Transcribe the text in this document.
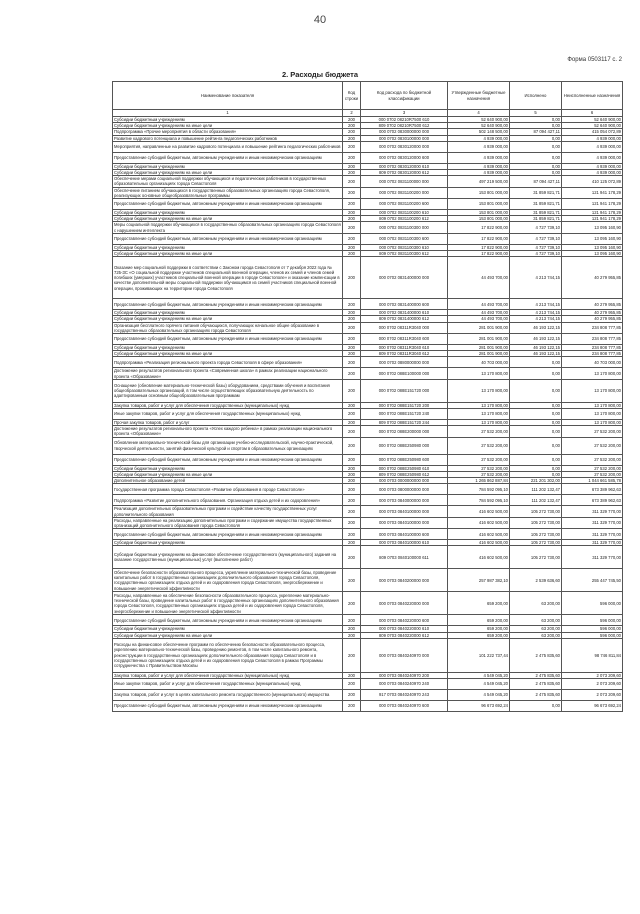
40
Форма 0503117 с. 2
2. Расходы бюджета
Наименование показателя	Код строки	Код расхода по бюджетной классификации	Утвержденные бюджетные назначения	Исполнено	Неисполненные назначения
1	2	3	4	5	6
Субсидии бюджетным учреждениям	200	000 0702 08210R7500 610	52 640 900,00	0,00	52 640 900,00
Субсидии бюджетным учреждениям на иные цели	200	809 0702 08210R7500 612	52 640 900,00	0,00	52 640 900,00
Подпрограмма «Прочие мероприятия в области образования»	200	000 0702 0830000000 000	502 148 500,00	87 094 427,11	415 054 072,89
Развитие кадрового потенциала и повышение рейтинга педагогических работников	200	000 0702 0830100000 000	4 939 000,00	0,00	4 939 000,00
Мероприятия, направленные на развитие кадрового потенциала и повышение рейтинга педагогических работников	200	000 0702 0830120000 000	4 939 000,00	0,00	4 939 000,00
Предоставление субсидий бюджетным, автономным учреждениям и иным некоммерческим организациям	200	000 0702 0830120000 600	4 939 000,00	0,00	4 939 000,00
Субсидии бюджетным учреждениям	200	000 0702 0830120000 610	4 939 000,00	0,00	4 939 000,00
Субсидии бюджетным учреждениям на иные цели	200	809 0702 0830120000 612	4 939 000,00	0,00	4 939 000,00
Обеспечение мерами социальной поддержки обучающихся и педагогических работников в государственных образовательных организациях города Севастополя	200	000 0702 0831100000 000	497 219 500,00	87 094 427,11	410 125 072,89
Обеспечение питанием обучающихся в государственных образовательных организациях города Севастополя, реализующих основные общеобразовательные программы	200	000 0702 0831100200 000	153 801 000,00	31 859 821,71	121 941 178,29
Предоставление субсидий бюджетным, автономным учреждениям и иным некоммерческим организациям	200	000 0702 0831100200 600	153 801 000,00	31 859 821,71	121 941 178,29
Субсидии бюджетным учреждениям	200	000 0702 0831100200 610	153 801 000,00	31 859 821,71	121 941 178,29
Субсидии бюджетным учреждениям на иные цели	200	809 0702 0831100200 612	153 801 000,00	31 859 821,71	121 941 178,29
Меры социальной поддержки обучающихся в государственных образовательных организациях города Севастополя с нарушением интеллекта	200	000 0702 0831100300 000	17 822 900,00	4 727 739,10	13 095 160,90
Предоставление субсидий бюджетным, автономным учреждениям и иным некоммерческим организациям	200	000 0702 0831100300 600	17 822 900,00	4 727 739,10	13 095 160,90
Субсидии бюджетным учреждениям	200	000 0702 0831100300 610	17 822 900,00	4 727 739,10	13 095 160,90
Субсидии бюджетным учреждениям на иные цели	200	809 0702 0831100300 612	17 822 900,00	4 727 739,10	13 095 160,90
Оказание мер социальной поддержки в соответствии с Законом города Севастополя от 7 декабря 2022 года № 725-ЗС «О социальной поддержке участников специальной военной операции, членов их семей и членов семей погибших (умерших) участников специальной военной операции в городе Севастополе» и оказание компенсации в качестве дополнительной меры социальной поддержки обучающимся из семей участников специальной военной операции, проживающих на территории города Севастополя	200	000 0702 0831400000 000	44 493 700,00	4 213 744,15	40 279 955,85
Предоставление субсидий бюджетным, автономным учреждениям и иным некоммерческим организациям	200	000 0702 0831400000 600	44 493 700,00	4 213 744,15	40 279 955,85
Субсидии бюджетным учреждениям	200	000 0702 0831400000 610	44 493 700,00	4 213 744,15	40 279 955,85
Субсидии бюджетным учреждениям на иные цели	200	809 0702 0831400000 612	44 493 700,00	4 213 744,15	40 279 955,85
Организация бесплатного горячего питания обучающихся, получающих начальное общее образование в государственных образовательных организациях города Севастополя	200	000 0702 08311R3040 000	281 001 900,00	46 193 122,15	234 808 777,85
Предоставление субсидий бюджетным, автономным учреждениям и иным некоммерческим организациям	200	000 0702 08311R3040 600	281 001 900,00	46 193 122,15	234 808 777,85
Субсидии бюджетным учреждениям	200	000 0702 08311R3040 610	281 001 900,00	46 193 122,15	234 808 777,85
Субсидии бюджетным учреждениям на иные цели	200	809 0702 08311R3040 612	281 001 900,00	46 193 122,15	234 808 777,85
Подпрограмма «Реализация регионального проекта города Севастополя в сфере образования»	200	000 0702 0880000000 000	40 703 000,00	0,00	40 703 000,00
Достижение результатов регионального проекта «Современная школа» в рамках реализации национального проекта «Образование»	200	000 0702 088E100000 000	13 170 800,00	0,00	13 170 800,00
Оснащение (обновление материально-технической базы) оборудованием, средствами обучения и воспитания общеобразовательных организаций, в том числе осуществляющих образовательную деятельность по адаптированным основным общеобразовательным программам	200	000 0702 088E151720 000	13 170 800,00	0,00	13 170 800,00
Закупка товаров, работ и услуг для обеспечения государственных (муниципальных) нужд	200	000 0702 088E151720 200	13 170 800,00	0,00	13 170 800,00
Иные закупки товаров, работ и услуг для обеспечения государственных (муниципальных) нужд	200	000 0702 088E151720 240	13 170 800,00	0,00	13 170 800,00
Прочая закупка товаров, работ и услуг	200	809 0702 088E151720 244	13 170 800,00	0,00	13 170 800,00
Достижение результатов регионального проекта «Успех каждого ребенка» в рамках реализации национального проекта «Образование»	200	000 0702 088E200000 000	27 532 200,00	0,00	27 532 200,00
Обновление материально-технической базы для организации учебно-исследовательской, научно-практической, творческой деятельности, занятий физической культурой и спортом в образовательных организациях	200	000 0702 088E250980 000	27 532 200,00	0,00	27 532 200,00
Предоставление субсидий бюджетным, автономным учреждениям и иным некоммерческим организациям	200	000 0702 088E250980 600	27 532 200,00	0,00	27 532 200,00
Субсидии бюджетным учреждениям	200	000 0702 088E250980 610	27 532 200,00	0,00	27 532 200,00
Субсидии бюджетным учреждениям на иные цели	200	809 0702 088E250980 612	27 532 200,00	0,00	27 532 200,00
Дополнительное образование детей	200	000 0703 0000000000 000	1 265 862 887,84	221 201 302,00	1 044 661 585,78
Государственная программа города Севастополя «Развитие образования в городе Севастополе»	200	000 0703 0800000000 000	784 592 095,10	111 202 132,47	673 389 962,63
Подпрограмма «Развитие дополнительного образования. Организация отдыха детей и их оздоровления»	200	000 0703 0840000000 000	784 592 095,10	111 202 132,47	673 389 962,63
Реализация дополнительных образовательных программ и содействие качеству государственных услуг дополнительного образования	200	000 0703 0840100000 000	416 602 500,00	105 272 730,00	311 329 770,00
Расходы, направленные на реализацию дополнительных программ и содержание имущества государственных организаций дополнительного образования города Севастополя	200	000 0703 0840100000 000	416 602 500,00	105 272 730,00	311 329 770,00
Предоставление субсидий бюджетным, автономным учреждениям и иным некоммерческим организациям	200	000 0703 0840100000 600	416 602 500,00	105 272 730,00	311 329 770,00
Субсидии бюджетным учреждениям	200	000 0703 0840100000 610	416 602 500,00	105 272 730,00	311 329 770,00
Субсидии бюджетным учреждениям на финансовое обеспечение государственного (муниципального) задания на оказание государственных (муниципальных) услуг (выполнение работ)	200	809 0703 0840100000 611	416 602 500,00	105 272 730,00	311 329 770,00
Обеспечение безопасности образовательного процесса, укрепление материально-технической базы, проведение капитальных работ в государственных организациях дополнительного образования города Севастополя, государственных организациях отдыха детей и их оздоровления города Севастополя, энергосбережение и повышение энергетической эффективности	200	000 0703 0840200000 000	257 987 382,10	2 539 636,60	255 447 745,50
Расходы, направленные на обеспечение безопасности образовательного процесса, укрепление материально-технической базы, проведение капитальных работ в государственных организациях дополнительного образования города Севастополя, государственных организациях отдыха детей и их оздоровления города Севастополя, энергосбережение и повышение энергетической эффективности	200	000 0703 0840220000 000	659 200,00	63 200,00	596 000,00
Предоставление субсидий бюджетным, автономным учреждениям и иным некоммерческим организациям	200	000 0703 0840220000 600	659 200,00	63 200,00	596 000,00
Субсидии бюджетным учреждениям	200	000 0703 0840220000 610	659 200,00	63 200,00	596 000,00
Субсидии бюджетным учреждениям на иные цели	200	809 0703 0840220000 612	659 200,00	63 200,00	596 000,00
Расходы на финансовое обеспечение программ по обеспечению безопасности образовательного процесса, укреплению материально-технической базы, проведению ремонтов, в том числе капитального ремонта, реконструкции в государственных организациях дополнительного образования города Севастополя и в государственных организациях отдыха детей и их оздоровления города Севастополя в рамках Программы сотрудничества с Правительством Москвы	200	000 0703 0840240970 000	101 222 737,44	2 475 835,60	98 746 811,84
Закупка товаров, работ и услуг для обеспечения государственных (муниципальных) нужд	200	000 0703 0840240970 200	4 549 045,20	2 475 835,60	2 073 209,60
Иные закупки товаров, работ и услуг для обеспечения государственных (муниципальных) нужд	200	000 0703 0840240970 240	4 549 045,20	2 475 835,60	2 073 209,60
Закупка товаров, работ и услуг в целях капитального ремонта государственного (муниципального) имущества	200	917 0703 0840240970 243	4 549 045,20	2 475 835,60	2 073 209,60
Предоставление субсидий бюджетным, автономным учреждениям и иным некоммерческим организациям	200	000 0703 0840240970 600	96 673 692,24	0,00	96 673 692,24
